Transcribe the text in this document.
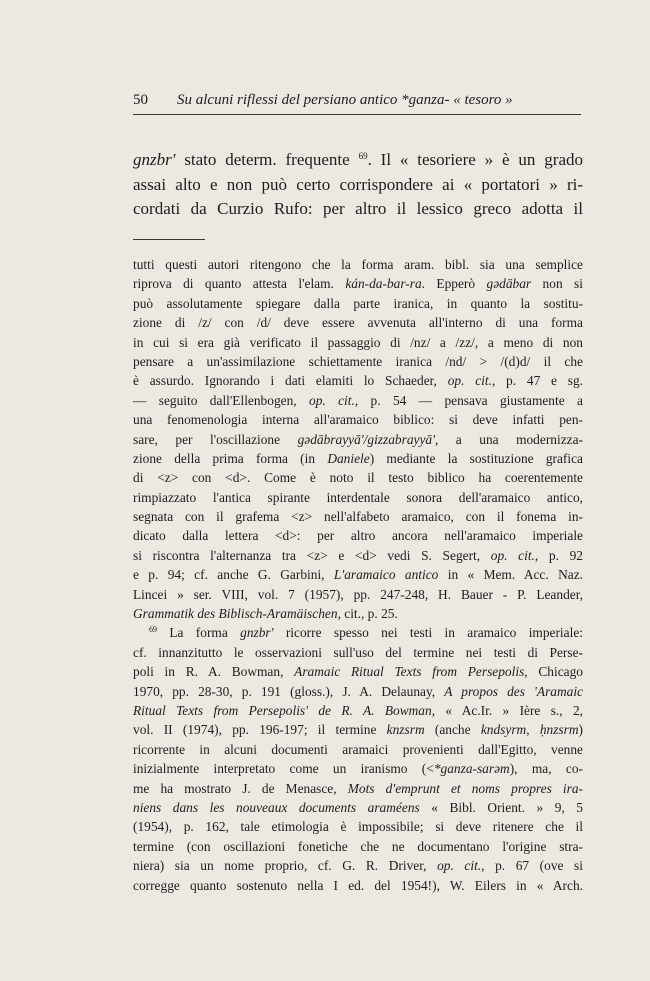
50 Su alcuni riflessi del persiano antico *ganza- « tesoro »
gnzbr' stato determ. frequente $^{69}$. Il « tesoriere » è un grado
assai alto e non può certo corrispondere ai « portatori » ri-
cordati da Curzio Rufo: per altro il lessico greco adotta il
tutti questi autori ritengono che la forma aram. bibl. sia una semplice
riprova di quanto attesta l'elam. kán-da-bar-ra. Epperò gədābar non si
può assolutamente spiegare dalla parte iranica, in quanto la sostitu-
zione di /z/ con /d/ deve essere avvenuta all'interno di una forma
in cui si era già verificato il passaggio di /nz/ a /zz/, a meno di non
pensare a un'assimilazione schiettamente iranica /nd/ > /(d)d/ il che
è assurdo. Ignorando i dati elamiti lo Schaeder, op. cit., p. 47 e sg.
— seguito dall'Ellenbogen, op. cit., p. 54 — pensava giustamente a
una fenomenologia interna all'aramaico biblico: si deve infatti pen-
sare, per l'oscillazione gədābrayyā'/gizzabrayyā', a una modernizza-
zione della prima forma (in Daniele) mediante la sostituzione grafica
di <z> con <d>. Come è noto il testo biblico ha coerentemente
rimpiazzato l'antica spirante interdentale sonora dell'aramaico antico,
segnata con il grafema <z> nell'alfabeto aramaico, con il fonema in-
dicato dalla lettera <d>: per altro ancora nell'aramaico imperiale
si riscontra l'alternanza tra <z> e <d> vedi S. Segert, op. cit., p. 92
e p. 94; cf. anche G. Garbini, L'aramaico antico in « Mem. Acc. Naz.
Lincei » ser. VIII, vol. 7 (1957), pp. 247-248, H. Bauer - P. Leander,
Grammatik des Biblisch-Aramäischen, cit., p. 25.
$^{69}$ La forma gnzbr' ricorre spesso nei testi in aramaico imperiale:
cf. innanzitutto le osservazioni sull'uso del termine nei testi di Perse-
poli in R. A. Bowman, Aramaic Ritual Texts from Persepolis, Chicago
1970, pp. 28-30, p. 191 (gloss.), J. A. Delaunay, A propos des 'Aramaic
Ritual Texts from Persepolis' de R. A. Bowman, « Ac.Ir. » Ière s., 2,
vol. II (1974), pp. 196-197; il termine knzsrm (anche kndsyrm, ḥnzsrm)
ricorrente in alcuni documenti aramaici provenienti dall'Egitto, venne
inizialmente interpretato come un iranismo (<*ganza-sarəm), ma, co-
me ha mostrato J. de Menasce, Mots d'emprunt et noms propres ira-
niens dans les nouveaux documents araméens « Bibl. Orient. » 9, 5
(1954), p. 162, tale etimologia è impossibile; si deve ritenere che il
termine (con oscillazioni fonetiche che ne documentano l'origine stra-
niera) sia un nome proprio, cf. G. R. Driver, op. cit., p. 67 (ove si
corregge quanto sostenuto nella I ed. del 1954!), W. Eilers in « Arch.
